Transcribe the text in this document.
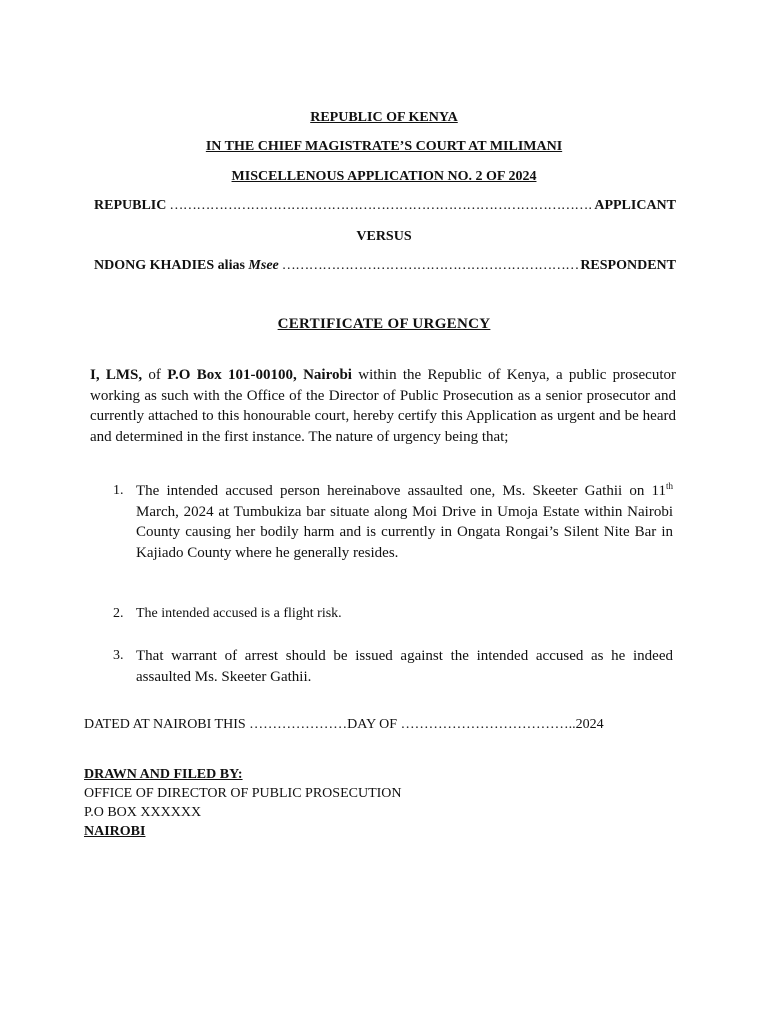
REPUBLIC OF KENYA
IN THE CHIEF MAGISTRATE’S COURT AT MILIMANI
MISCELLENOUS APPLICATION NO. 2 OF 2024
REPUBLIC …………………………………………………………………………………………………………………………	APPLICANT
VERSUS
NDONG KHADIES alias Msee …………………………………………………………………………………………………………………………	RESPONDENT
CERTIFICATE OF URGENCY
I, LMS, of P.O Box 101-00100, Nairobi within the Republic of Kenya, a public prosecutor working as such with the Office of the Director of Public Prosecution as a senior prosecutor and currently attached to this honourable court, hereby certify this Application as urgent and be heard and determined in the first instance. The nature of urgency being that;
1. The intended accused person hereinabove assaulted one, Ms. Skeeter Gathii on 11th March, 2024 at Tumbukiza bar situate along Moi Drive in Umoja Estate within Nairobi County causing her bodily harm and is currently in Ongata Rongai’s Silent Nite Bar in Kajiado County where he generally resides.
2. The intended accused is a flight risk.
3. That warrant of arrest should be issued against the intended accused as he indeed assaulted Ms. Skeeter Gathii.
DATED AT NAIROBI THIS …………………DAY OF ………………………………..2024
DRAWN AND FILED BY:
OFFICE OF DIRECTOR OF PUBLIC PROSECUTION
P.O BOX XXXXXX
NAIROBI
